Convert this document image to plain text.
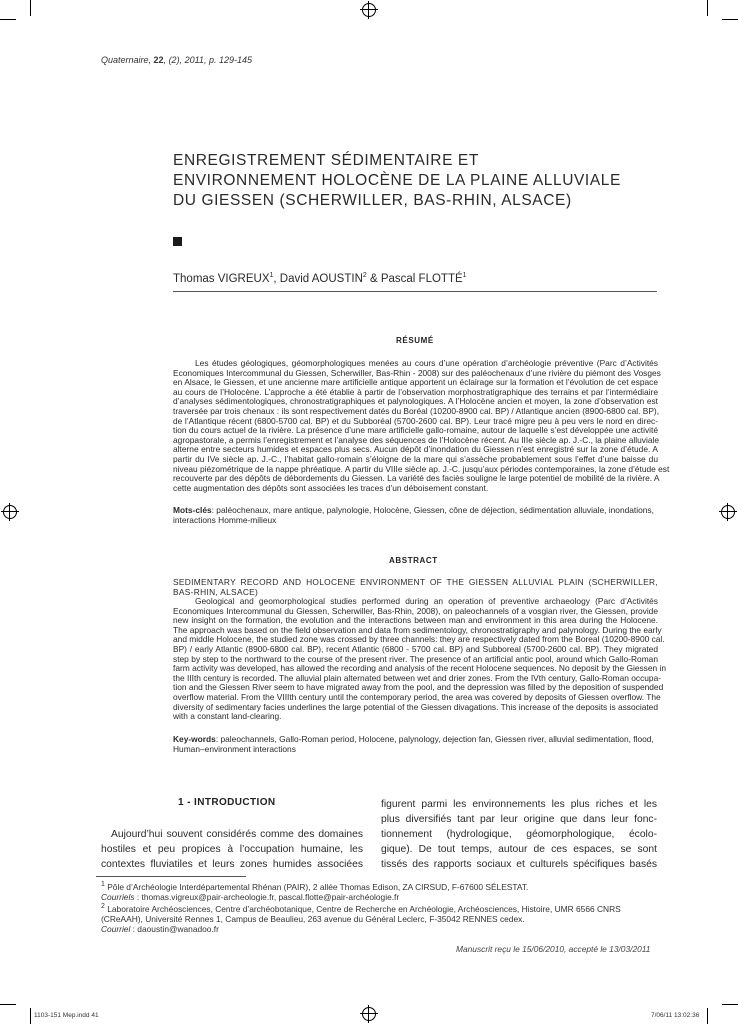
Quaternaire, 22, (2), 2011, p. 129-145
ENREGISTREMENT SÉDIMENTAIRE ET
ENVIRONNEMENT HOLOCÈNE DE LA PLAINE ALLUVIALE
DU GIESSEN (SCHERWILLER, BAS-RHIN, ALSACE)
Thomas VIGREUX$^1$, David AOUSTIN$^2$ & Pascal FLOTTÉ$^1$
RÉSUMÉ
Les études géologiques, géomorphologiques menées au cours d’une opération d’archéologie préventive (Parc d’Activités
Economiques Intercommunal du Giessen, Scherwiller, Bas-Rhin - 2008) sur des paléochenaux d’une rivière du piémont des Vosges
en Alsace, le Giessen, et une ancienne mare artificielle antique apportent un éclairage sur la formation et l’évolution de cet espace
au cours de l’Holocène. L’approche a été établie à partir de l’observation morphostratigraphique des terrains et par l’intermédiaire
d’analyses sédimentologiques, chronostratigraphiques et palynologiques. A l’Holocène ancien et moyen, la zone d’observation est
traversée par trois chenaux : ils sont respectivement datés du Boréal (10200-8900 cal. BP) / Atlantique ancien (8900-6800 cal. BP),
de l’Atlantique récent (6800-5700 cal. BP) et du Subboréal (5700-2600 cal. BP). Leur tracé migre peu à peu vers le nord en direc-
tion du cours actuel de la rivière. La présence d’une mare artificielle gallo-romaine, autour de laquelle s’est développée une activité
agropastorale, a permis l’enregistrement et l’analyse des séquences de l’Holocène récent. Au IIIe siècle ap. J.-C., la plaine alluviale
alterne entre secteurs humides et espaces plus secs. Aucun dépôt d’inondation du Giessen n’est enregistré sur la zone d’étude. A
partir du IVe siècle ap. J.-C., l’habitat gallo-romain s’éloigne de la mare qui s’assèche probablement sous l’effet d’une baisse du
niveau piézométrique de la nappe phréatique. A partir du VIIIe siècle ap. J.-C. jusqu’aux périodes contemporaines, la zone d’étude est
recouverte par des dépôts de débordements du Giessen. La variété des faciès souligne le large potentiel de mobilité de la rivière. A
cette augmentation des dépôts sont associées les traces d’un déboisement constant.
Mots-clés: paléochenaux, mare antique, palynologie, Holocène, Giessen, cône de déjection, sédimentation alluviale, inondations,
interactions Homme-milieux
ABSTRACT
SEDIMENTARY RECORD AND HOLOCENE ENVIRONMENT OF THE GIESSEN ALLUVIAL PLAIN (SCHERWILLER,
BAS-RHIN, ALSACE)
Geological and geomorphological studies performed during an operation of preventive archaeology (Parc d’Activités
Economiques Intercommunal du Giessen, Scherwiller, Bas-Rhin, 2008), on paleochannels of a vosgian river, the Giessen, provide
new insight on the formation, the evolution and the interactions between man and environment in this area during the Holocene.
The approach was based on the field observation and data from sedimentology, chronostratigraphy and palynology. During the early
and middle Holocene, the studied zone was crossed by three channels: they are respectively dated from the Boreal (10200-8900 cal.
BP) / early Atlantic (8900-6800 cal. BP), recent Atlantic (6800 - 5700 cal. BP) and Subboreal (5700-2600 cal. BP). They migrated
step by step to the northward to the course of the present river. The presence of an artificial antic pool, around which Gallo-Roman
farm activity was developed, has allowed the recording and analysis of the recent Holocene sequences. No deposit by the Giessen in
the IIIth century is recorded. The alluvial plain alternated between wet and drier zones. From the IVth century, Gallo-Roman occupa-
tion and the Giessen River seem to have migrated away from the pool, and the depression was filled by the deposition of suspended
overflow material. From the VIIIth century until the contemporary period, the area was covered by deposits of Giessen overflow. The
diversity of sedimentary facies underlines the large potential of the Giessen divagations. This increase of the deposits is associated
with a constant land-clearing.
Key-words: paleochannels, Gallo-Roman period, Holocene, palynology, dejection fan, Giessen river, alluvial sedimentation, flood,
Human–environment interactions
1 - INTRODUCTION
Aujourd’hui souvent considérés comme des domaines
hostiles et peu propices à l’occupation humaine, les
contextes fluviatiles et leurs zones humides associées
figurent parmi les environnements les plus riches et les
plus diversifiés tant par leur origine que dans leur fonc-
tionnement (hydrologique, géomorphologique, écolo-
gique). De tout temps, autour de ces espaces, se sont
tissés des rapports sociaux et culturels spécifiques basés
$^1$ Pôle d’Archéologie Interdépartemental Rhénan (PAIR), 2 allée Thomas Edison, ZA CIRSUD, F-67600 SÉLESTAT.
Courriels : thomas.vigreux@pair-archeologie.fr, pascal.flotte@pair-archéologie.fr
$^2$ Laboratoire Archéosciences, Centre d’archéobotanique, Centre de Recherche en Archéologie, Archéosciences, Histoire, UMR 6566 CNRS
(CReAAH), Université Rennes 1, Campus de Beaulieu, 263 avenue du Général Leclerc, F-35042 RENNES cedex.
Courriel : daoustin@wanadoo.fr
Manuscrit reçu le 15/06/2010, accepté le 13/03/2011
1103-151 Mep.indd 41	7/06/11 13:02:36
